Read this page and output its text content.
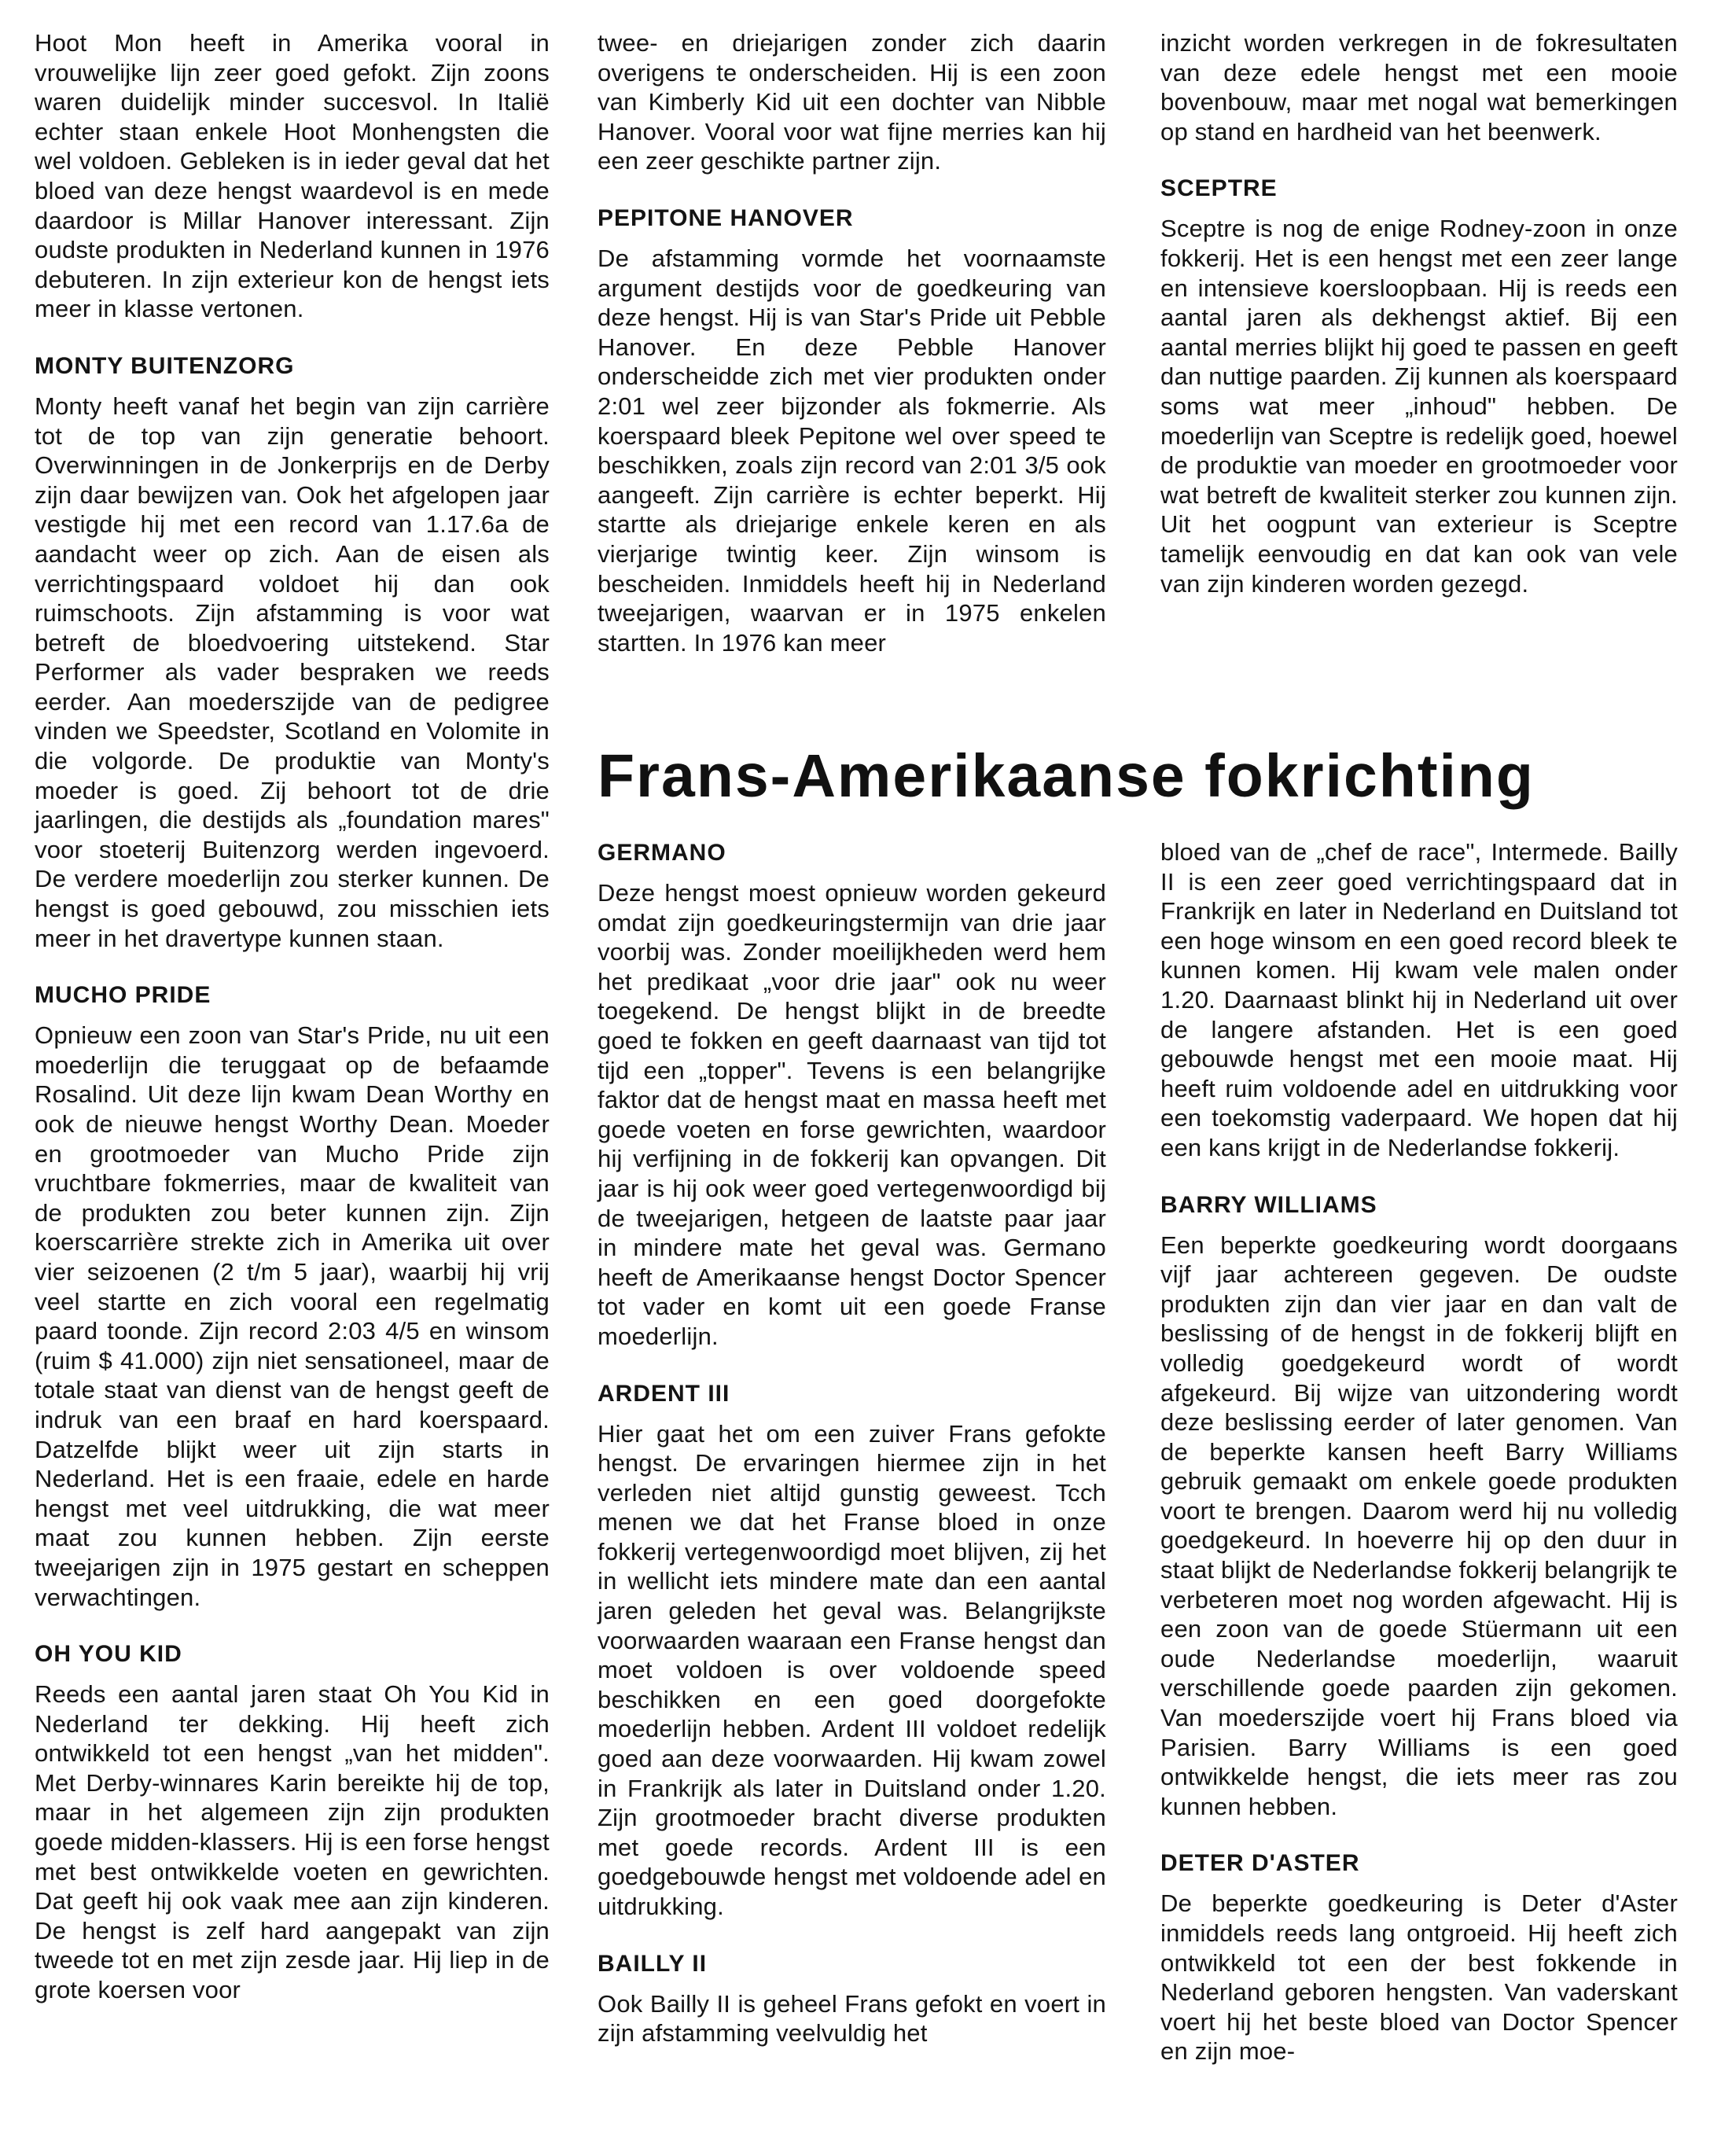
Hoot Mon heeft in Amerika vooral in vrouwelijke lijn zeer goed gefokt. Zijn zoons waren duidelijk minder succesvol. In Italië echter staan enkele Hoot Monhengsten die wel voldoen. Gebleken is in ieder geval dat het bloed van deze hengst waardevol is en mede daardoor is Millar Hanover interessant. Zijn oudste produkten in Nederland kunnen in 1976 debuteren. In zijn exterieur kon de hengst iets meer in klasse vertonen.

MONTY BUITENZORG

Monty heeft vanaf het begin van zijn carrière tot de top van zijn generatie behoort. Overwinningen in de Jonkerprijs en de Derby zijn daar bewijzen van. Ook het afgelopen jaar vestigde hij met een record van 1.17.6a de aandacht weer op zich. Aan de eisen als verrichtingspaard voldoet hij dan ook ruimschoots. Zijn afstamming is voor wat betreft de bloedvoering uitstekend. Star Performer als vader bespraken we reeds eerder. Aan moederszijde van de pedigree vinden we Speedster, Scotland en Volomite in die volgorde. De produktie van Monty's moeder is goed. Zij behoort tot de drie jaarlingen, die destijds als „foundation mares" voor stoeterij Buitenzorg werden ingevoerd. De verdere moederlijn zou sterker kunnen. De hengst is goed gebouwd, zou misschien iets meer in het dravertype kunnen staan.

MUCHO PRIDE

Opnieuw een zoon van Star's Pride, nu uit een moederlijn die teruggaat op de befaamde Rosalind. Uit deze lijn kwam Dean Worthy en ook de nieuwe hengst Worthy Dean. Moeder en grootmoeder van Mucho Pride zijn vruchtbare fokmerries, maar de kwaliteit van de produkten zou beter kunnen zijn. Zijn koerscarrière strekte zich in Amerika uit over vier seizoenen (2 t/m 5 jaar), waarbij hij vrij veel startte en zich vooral een regelmatig paard toonde. Zijn record 2:03 4/5 en winsom (ruim $ 41.000) zijn niet sensationeel, maar de totale staat van dienst van de hengst geeft de indruk van een braaf en hard koerspaard. Datzelfde blijkt weer uit zijn starts in Nederland. Het is een fraaie, edele en harde hengst met veel uitdrukking, die wat meer maat zou kunnen hebben. Zijn eerste tweejarigen zijn in 1975 gestart en scheppen verwachtingen.

OH YOU KID

Reeds een aantal jaren staat Oh You Kid in Nederland ter dekking. Hij heeft zich ontwikkeld tot een hengst „van het midden". Met Derby-winnares Karin bereikte hij de top, maar in het algemeen zijn zijn produkten goede midden-klassers. Hij is een forse hengst met best ontwikkelde voeten en gewrichten. Dat geeft hij ook vaak mee aan zijn kinderen. De hengst is zelf hard aangepakt van zijn tweede tot en met zijn zesde jaar. Hij liep in de grote koersen voor

twee- en driejarigen zonder zich daarin overigens te onderscheiden. Hij is een zoon van Kimberly Kid uit een dochter van Nibble Hanover. Vooral voor wat fijne merries kan hij een zeer geschikte partner zijn.

PEPITONE HANOVER

De afstamming vormde het voornaamste argument destijds voor de goedkeuring van deze hengst. Hij is van Star's Pride uit Pebble Hanover. En deze Pebble Hanover onderscheidde zich met vier produkten onder 2:01 wel zeer bijzonder als fokmerrie. Als koerspaard bleek Pepitone wel over speed te beschikken, zoals zijn record van 2:01 3/5 ook aangeeft. Zijn carrière is echter beperkt. Hij startte als driejarige enkele keren en als vierjarige twintig keer. Zijn winsom is bescheiden. Inmiddels heeft hij in Nederland tweejarigen, waarvan er in 1975 enkelen startten. In 1976 kan meer

inzicht worden verkregen in de fokresultaten van deze edele hengst met een mooie bovenbouw, maar met nogal wat bemerkingen op stand en hardheid van het beenwerk.

SCEPTRE

Sceptre is nog de enige Rodney-zoon in onze fokkerij. Het is een hengst met een zeer lange en intensieve koersloopbaan. Hij is reeds een aantal jaren als dekhengst aktief. Bij een aantal merries blijkt hij goed te passen en geeft dan nuttige paarden. Zij kunnen als koerspaard soms wat meer „inhoud" hebben. De moederlijn van Sceptre is redelijk goed, hoewel de produktie van moeder en grootmoeder voor wat betreft de kwaliteit sterker zou kunnen zijn. Uit het oogpunt van exterieur is Sceptre tamelijk eenvoudig en dat kan ook van vele van zijn kinderen worden gezegd.

Frans-Amerikaanse fokrichting
GERMANO

Deze hengst moest opnieuw worden gekeurd omdat zijn goedkeuringstermijn van drie jaar voorbij was. Zonder moeilijkheden werd hem het predikaat „voor drie jaar" ook nu weer toegekend. De hengst blijkt in de breedte goed te fokken en geeft daarnaast van tijd tot tijd een „topper". Tevens is een belangrijke faktor dat de hengst maat en massa heeft met goede voeten en forse gewrichten, waardoor hij verfijning in de fokkerij kan opvangen. Dit jaar is hij ook weer goed vertegenwoordigd bij de tweejarigen, hetgeen de laatste paar jaar in mindere mate het geval was. Germano heeft de Amerikaanse hengst Doctor Spencer tot vader en komt uit een goede Franse moederlijn.

ARDENT III

Hier gaat het om een zuiver Frans gefokte hengst. De ervaringen hiermee zijn in het verleden niet altijd gunstig geweest. Tcch menen we dat het Franse bloed in onze fokkerij vertegenwoordigd moet blijven, zij het in wellicht iets mindere mate dan een aantal jaren geleden het geval was. Belangrijkste voorwaarden waaraan een Franse hengst dan moet voldoen is over voldoende speed beschikken en een goed doorgefokte moederlijn hebben. Ardent III voldoet redelijk goed aan deze voorwaarden. Hij kwam zowel in Frankrijk als later in Duitsland onder 1.20. Zijn grootmoeder bracht diverse produkten met goede records. Ardent III is een goedgebouwde hengst met voldoende adel en uitdrukking.

BAILLY II

Ook Bailly II is geheel Frans gefokt en voert in zijn afstamming veelvuldig het

bloed van de „chef de race", Intermede. Bailly II is een zeer goed verrichtingspaard dat in Frankrijk en later in Nederland en Duitsland tot een hoge winsom en een goed record bleek te kunnen komen. Hij kwam vele malen onder 1.20. Daarnaast blinkt hij in Nederland uit over de langere afstanden. Het is een goed gebouwde hengst met een mooie maat. Hij heeft ruim voldoende adel en uitdrukking voor een toekomstig vaderpaard. We hopen dat hij een kans krijgt in de Nederlandse fokkerij.

BARRY WILLIAMS

Een beperkte goedkeuring wordt doorgaans vijf jaar achtereen gegeven. De oudste produkten zijn dan vier jaar en dan valt de beslissing of de hengst in de fokkerij blijft en volledig goedgekeurd wordt of wordt afgekeurd. Bij wijze van uitzondering wordt deze beslissing eerder of later genomen. Van de beperkte kansen heeft Barry Williams gebruik gemaakt om enkele goede produkten voort te brengen. Daarom werd hij nu volledig goedgekeurd. In hoeverre hij op den duur in staat blijkt de Nederlandse fokkerij belangrijk te verbeteren moet nog worden afgewacht. Hij is een zoon van de goede Stüermann uit een oude Nederlandse moederlijn, waaruit verschillende goede paarden zijn gekomen. Van moederszijde voert hij Frans bloed via Parisien. Barry Williams is een goed ontwikkelde hengst, die iets meer ras zou kunnen hebben.

DETER D'ASTER

De beperkte goedkeuring is Deter d'Aster inmiddels reeds lang ontgroeid. Hij heeft zich ontwikkeld tot een der best fokkende in Nederland geboren hengsten. Van vaderskant voert hij het beste bloed van Doctor Spencer en zijn moe-
